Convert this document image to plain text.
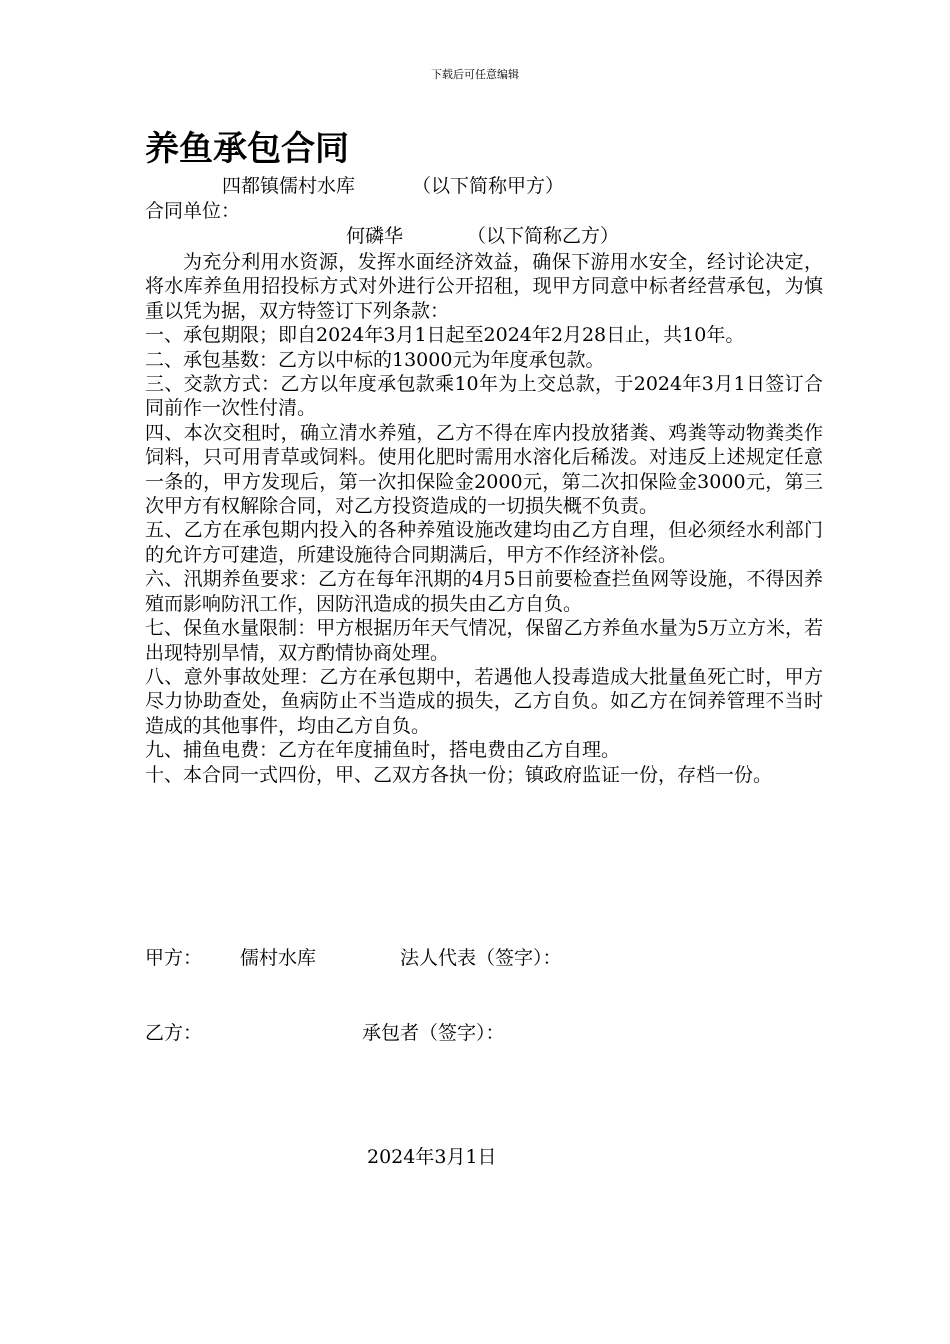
下载后可任意编辑
养鱼承包合同
四都镇儒村水库	（以下简称甲方）
合同单位：
何磷华	（以下简称乙方）

为充分利用水资源，发挥水面经济效益，确保下游用水安全，经讨论决定，将水库养鱼用招投标方式对外进行公开招租，现甲方同意中标者经营承包，为慎重以凭为据，双方特签订下列条款：

一、承包期限；即自2024年3月1日起至2024年2月28日止，共10年。

二、承包基数：乙方以中标的13000元为年度承包款。

三、交款方式：乙方以年度承包款乘10年为上交总款，于2024年3月1日签订合同前作一次性付清。

四、本次交租时，确立清水养殖，乙方不得在库内投放猪粪、鸡粪等动物粪类作饲料，只可用青草或饲料。使用化肥时需用水溶化后稀泼。对违反上述规定任意一条的，甲方发现后，第一次扣保险金2000元，第二次扣保险金3000元，第三次甲方有权解除合同，对乙方投资造成的一切损失概不负责。

五、乙方在承包期内投入的各种养殖设施改建均由乙方自理，但必须经水利部门的允许方可建造，所建设施待合同期满后，甲方不作经济补偿。

六、汛期养鱼要求：乙方在每年汛期的4月5日前要检查拦鱼网等设施，不得因养殖而影响防汛工作，因防汛造成的损失由乙方自负。

七、保鱼水量限制：甲方根据历年天气情况，保留乙方养鱼水量为5万立方米，若出现特别旱情，双方酌情协商处理。

八、意外事故处理：乙方在承包期中，若遇他人投毒造成大批量鱼死亡时，甲方尽力协助查处，鱼病防止不当造成的损失，乙方自负。如乙方在饲养管理不当时造成的其他事件，均由乙方自负。

九、捕鱼电费：乙方在年度捕鱼时，搭电费由乙方自理。

十、本合同一式四份，甲、乙双方各执一份；镇政府监证一份，存档一份。

甲方： 儒村水库	法人代表（签字）：
乙方：	承包者（签字）：
2024年3月1日
